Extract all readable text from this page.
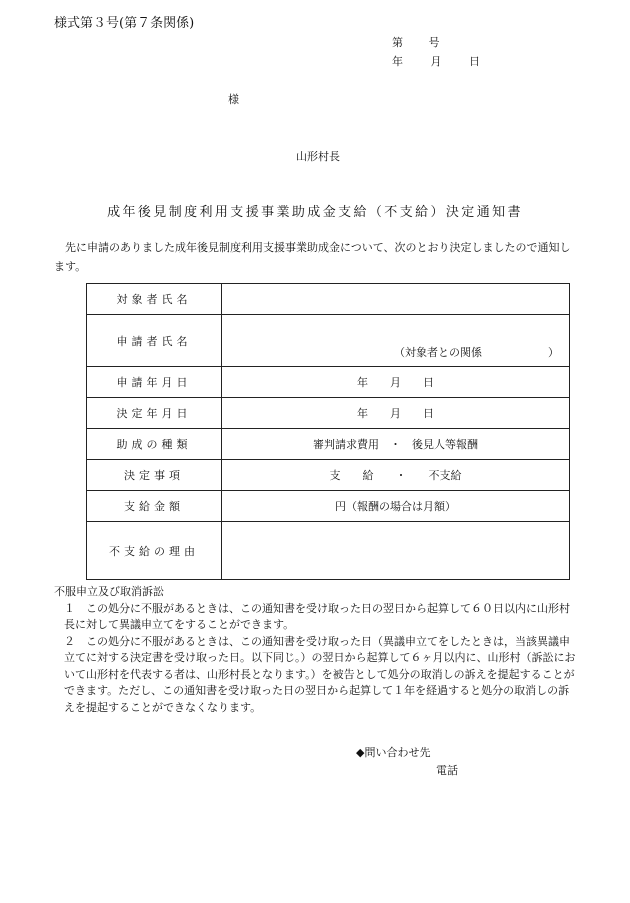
様式第３号(第７条関係)
第 号
年 月 日
様
山形村長
成年後見制度利用支援事業助成金支給（不支給）決定通知書
先に申請のありました成年後見制度利用支援事業助成金について、次のとおり決定しましたので通知します。
対象者氏名	
申請者氏名	（対象者との関係　　　　　　）

申請年月日	年　　月　　日
決定年月日	年　　月　　日
助成の種類	審判請求費用　・　後見人等報酬
決定事項	支　　給　　・　　不支給
支給金額	円（報酬の場合は月額）
不支給の理由	

不服申立及び取消訴訟

１　この処分に不服があるときは、この通知書を受け取った日の翌日から起算して６０日以内に山形村長に対して異議申立てをすることができます。

２　この処分に不服があるときは、この通知書を受け取った日（異議申立てをしたときは，当該異議申立てに対する決定書を受け取った日。以下同じ。）の翌日から起算して６ヶ月以内に、山形村（訴訟において山形村を代表する者は、山形村長となります。）を被告として処分の取消しの訴えを提起することができます。ただし、この通知書を受け取った日の翌日から起算して１年を経過すると処分の取消しの訴えを提起することができなくなります。

◆問い合わせ先
電話
